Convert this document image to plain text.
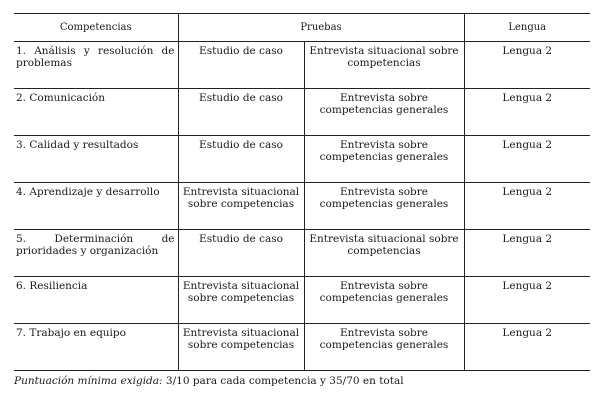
Competencias	Pruebas		Lengua
1. Análisis y resolución de problemas	Estudio de caso	Entrevista situacional sobre competencias	Lengua 2
2. Comunicación	Estudio de caso	Entrevista sobre competencias generales	Lengua 2
3. Calidad y resultados	Estudio de caso	Entrevista sobre competencias generales	Lengua 2
4. Aprendizaje y desarrollo	Entrevista situacional sobre competencias	Entrevista sobre competencias generales	Lengua 2
5. Determinación de prioridades y organización	Estudio de caso	Entrevista situacional sobre competencias	Lengua 2
6. Resiliencia	Entrevista situacional sobre competencias	Entrevista sobre competencias generales	Lengua 2
7. Trabajo en equipo	Entrevista situacional sobre competencias	Entrevista sobre competencias generales	Lengua 2
Puntuación mínima exigida: 3/10 para cada competencia y 35/70 en total
